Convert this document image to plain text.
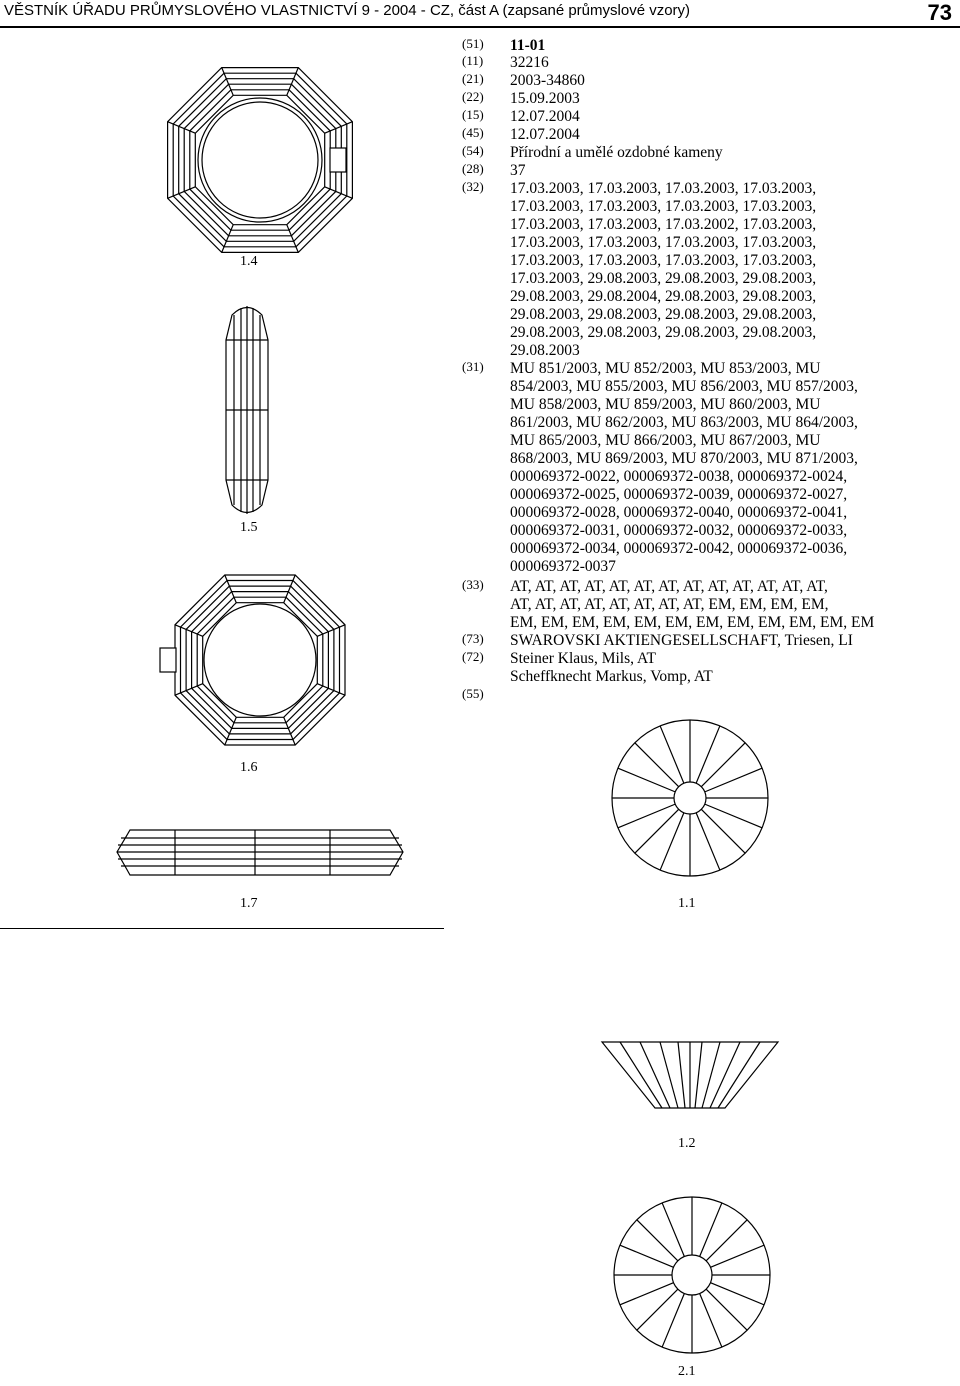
VĚSTNÍK ÚŘADU PRŮMYSLOVÉHO VLASTNICTVÍ 9 - 2004 - CZ, část A (zapsané průmyslové vzory)	73
(51)
(11)
(21)
(22)
(15)
(45)
(54)
(28)
(32)
(31)
(33)
(73)
(72)
(55)
11-01
32216
2003-34860
15.09.2003
12.07.2004
12.07.2004
Přírodní a umělé ozdobné kameny
37
17.03.2003, 17.03.2003, 17.03.2003, 17.03.2003,
17.03.2003, 17.03.2003, 17.03.2003, 17.03.2003,
17.03.2003, 17.03.2003, 17.03.2002, 17.03.2003,
17.03.2003, 17.03.2003, 17.03.2003, 17.03.2003,
17.03.2003, 17.03.2003, 17.03.2003, 17.03.2003,
17.03.2003, 29.08.2003, 29.08.2003, 29.08.2003,
29.08.2003, 29.08.2004, 29.08.2003, 29.08.2003,
29.08.2003, 29.08.2003, 29.08.2003, 29.08.2003,
29.08.2003, 29.08.2003, 29.08.2003, 29.08.2003,
29.08.2003
MU 851/2003, MU 852/2003, MU 853/2003, MU
854/2003, MU 855/2003, MU 856/2003, MU 857/2003,
MU 858/2003, MU 859/2003, MU 860/2003, MU
861/2003, MU 862/2003, MU 863/2003, MU 864/2003,
MU 865/2003, MU 866/2003, MU 867/2003, MU
868/2003, MU 869/2003, MU 870/2003, MU 871/2003,
000069372-0022, 000069372-0038, 000069372-0024,
000069372-0025, 000069372-0039, 000069372-0027,
000069372-0028, 000069372-0040, 000069372-0041,
000069372-0031, 000069372-0032, 000069372-0033,
000069372-0034, 000069372-0042, 000069372-0036,
000069372-0037
AT, AT, AT, AT, AT, AT, AT, AT, AT, AT, AT, AT, AT,
AT, AT, AT, AT, AT, AT, AT, AT, EM, EM, EM, EM,
EM, EM, EM, EM, EM, EM, EM, EM, EM, EM, EM, EM
SWAROVSKI AKTIENGESELLSCHAFT, Triesen, LI
Steiner Klaus, Mils, AT
Scheffknecht Markus, Vomp, AT
1.4
1.5
1.6
1.7	1.1
1.2
2.1
